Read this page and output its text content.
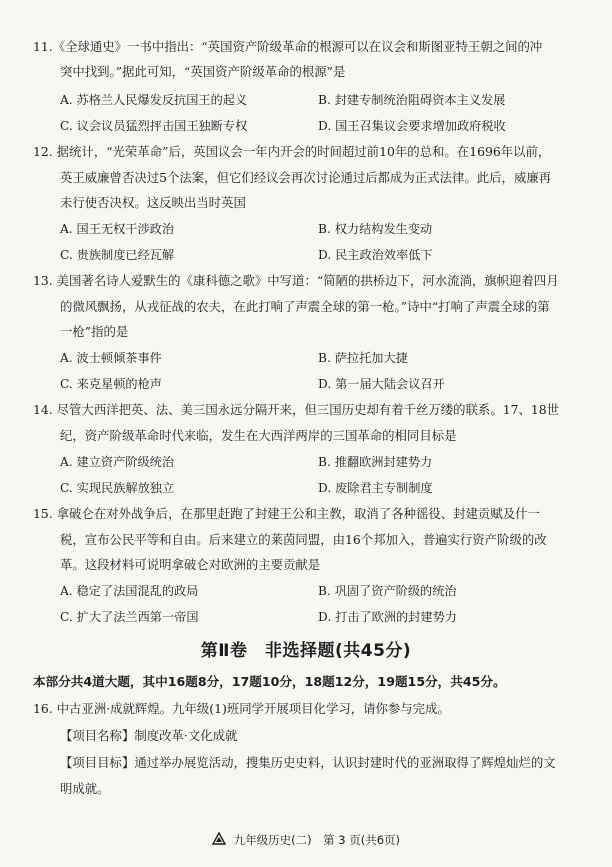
11.《全球通史》一书中指出：“英国资产阶级革命的根源可以在议会和斯图亚特王朝之间的冲
突中找到。”据此可知，“英国资产阶级革命的根源”是
A. 苏格兰人民爆发反抗国王的起义	B. 封建专制统治阻碍资本主义发展
C. 议会议员猛烈抨击国王独断专权	D. 国王召集议会要求增加政府税收
12. 据统计，“光荣革命”后，英国议会一年内开会的时间超过前10年的总和。在1696年以前，
英王威廉曾否决过5个法案，但它们经议会再次讨论通过后都成为正式法律。此后，威廉再
未行使否决权。这反映出当时英国
A. 国王无权干涉政治	B. 权力结构发生变动
C. 贵族制度已经瓦解	D. 民主政治效率低下
13. 美国著名诗人爱默生的《康科德之歌》中写道：“简陋的拱桥边下，河水流淌，旗帜迎着四月
的微风飘扬，从戎征战的农夫，在此打响了声震全球的第一枪。”诗中“打响了声震全球的第
一枪”指的是
A. 波士顿倾茶事件	B. 萨拉托加大捷
C. 来克星顿的枪声	D. 第一届大陆会议召开
14. 尽管大西洋把英、法、美三国永远分隔开来，但三国历史却有着千丝万缕的联系。17、18世
纪，资产阶级革命时代来临，发生在大西洋两岸的三国革命的相同目标是
A. 建立资产阶级统治	B. 推翻欧洲封建势力
C. 实现民族解放独立	D. 废除君主专制制度
15. 拿破仑在对外战争后，在那里赶跑了封建王公和主教，取消了各种徭役、封建贡赋及什一
税，宣布公民平等和自由。后来建立的莱茵同盟，由16个邦加入，普遍实行资产阶级的改
革。这段材料可说明拿破仑对欧洲的主要贡献是
A. 稳定了法国混乱的政局	B. 巩固了资产阶级的统治
C. 扩大了法兰西第一帝国	D. 打击了欧洲的封建势力
第Ⅱ卷　非选择题(共45分)
本部分共4道大题，其中16题8分，17题10分，18题12分，19题15分，共45分。
16. 中古亚洲·成就辉煌。九年级(1)班同学开展项目化学习，请你参与完成。
【项目名称】制度改革·文化成就
【项目目标】通过举办展览活动，搜集历史史料，认识封建时代的亚洲取得了辉煌灿烂的文
明成就。
九年级历史(二)　第 3 页(共6页)
